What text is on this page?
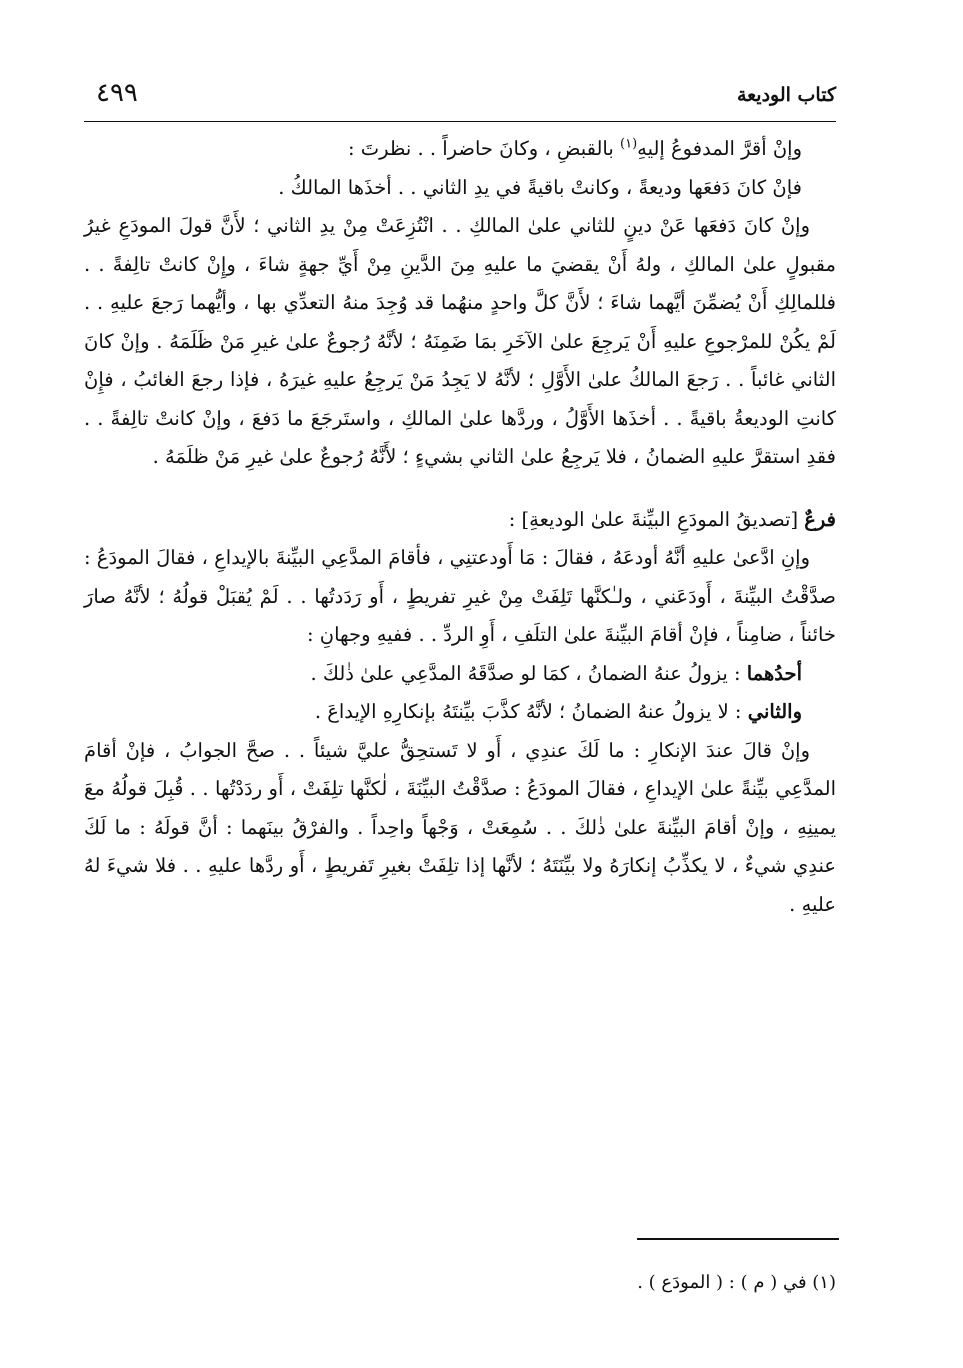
كتاب الوديعة
٤٩٩

وإنْ أقرَّ المدفوعُ إليهِ$^{(١)}$ بالقبضِ ، وكانَ حاضراً . . نظرتَ :

فإنْ كانَ دَفعَها وديعةً ، وكانتْ باقيةً في يدِ الثاني . . أخذَها المالكُ .

وإنْ كانَ دَفعَها عَنْ دينٍ للثاني علىٰ المالكِ . . انْتُزِعَتْ مِنْ يدِ الثاني ؛ لأَنَّ قولَ المودَعِ غيرُ مقبولٍ علىٰ المالكِ ، ولهُ أَنْ يقضيَ ما عليهِ مِنَ الدَّينِ مِنْ أَيِّ جهةٍ شاءَ ، وإِنْ كانتْ تالِفةً . . فللمالِكِ أَنْ يُضمِّنَ أيَّهما شاءَ ؛ لأَنَّ كلَّ واحدٍ منهُما قد وُجِدَ منهُ التعدِّي بها ، وأيُّهما رَجعَ عليهِ . . لَمْ يكُنْ للمرْجوعِ عليهِ أَنْ يَرجِعَ علىٰ الآخَرِ بمَا ضَمِنَهُ ؛ لأنَّهُ رُجوعٌ علىٰ غيرِ مَنْ ظَلَمَهُ . وإنْ كانَ الثاني غائباً . . رَجعَ المالكُ علىٰ الأَوَّلِ ؛ لأنَّهُ لا يَجِدُ مَنْ يَرجِعُ عليهِ غيرَهُ ، فإذا رجعَ الغائبُ ، فإِنْ كانتِ الوديعةُ باقيةً . . أخذَها الأَوَّلُ ، وردَّها علىٰ المالكِ ، واستَرجَعَ ما دَفعَ ، وإنْ كانتْ تالِفةً . . فقدِ استقرَّ عليهِ الضمانُ ، فلا يَرجِعُ علىٰ الثاني بشيءٍ ؛ لأَنَّهُ رُجوعٌ علىٰ غيرِ مَنْ ظلَمَهُ .

فرعٌ [تصديقُ المودَعِ البيِّنةَ علىٰ الوديعةِ] :

وإنِ ادَّعىٰ عليهِ أنَّهُ أودعَهُ ، فقالَ : مَا أَودعتنِي ، فأقامَ المدَّعِي البيِّنةَ بالإيداعِ ، فقالَ المودَعُ : صدَّقْتُ البيِّنةَ ، أَودَعَني ، ولـٰكنَّها تَلِفَتْ مِنْ غيرِ تفريطٍ ، أَو رَدَدتُها . . لَمْ يُقبَلْ قولُهُ ؛ لأنَّهُ صارَ خائناً ، ضامِناً ، فإنْ أقامَ البيِّنةَ علىٰ التلَفِ ، أَوِ الردِّ . . ففيهِ وجهانِ :

أحدُهما : يزولُ عنهُ الضمانُ ، كمَا لو صدَّقَهُ المدَّعِي علىٰ ذٰلكَ .

والثاني : لا يزولُ عنهُ الضمانُ ؛ لأنَّهُ كذَّبَ بيِّنتَهُ بإنكارِهِ الإيداعَ .

وإنْ قالَ عندَ الإنكارِ : ما لَكَ عندِي ، أَو لا تَستحِقُّ عليَّ شيئاً . . صحَّ الجوابُ ، فإنْ أقامَ المدَّعِي بيِّنةً علىٰ الإيداعِ ، فقالَ المودَعُ : صدَّقْتُ البيِّنَةَ ، لٰكنَّها تلِفَتْ ، أَو ردَدْتُها . . قُبِلَ قولُهُ معَ يمينِهِ ، وإنْ أقامَ البيِّنةَ علىٰ ذٰلكَ . . سُمِعَتْ ، وَجْهاً واحِداً . والفرْقُ بينَهما : أنَّ قولَهُ : ما لَكَ عندِي شيءٌ ، لا يكذِّبُ إنكارَهُ ولا بيِّنَتَهُ ؛ لأنَّها إذا تلِفَتْ بغيرِ تَفريطٍ ، أَو ردَّها عليهِ . . فلا شيءَ لهُ عليهِ .

(١) في ( م ) : ( المودَع ) .
